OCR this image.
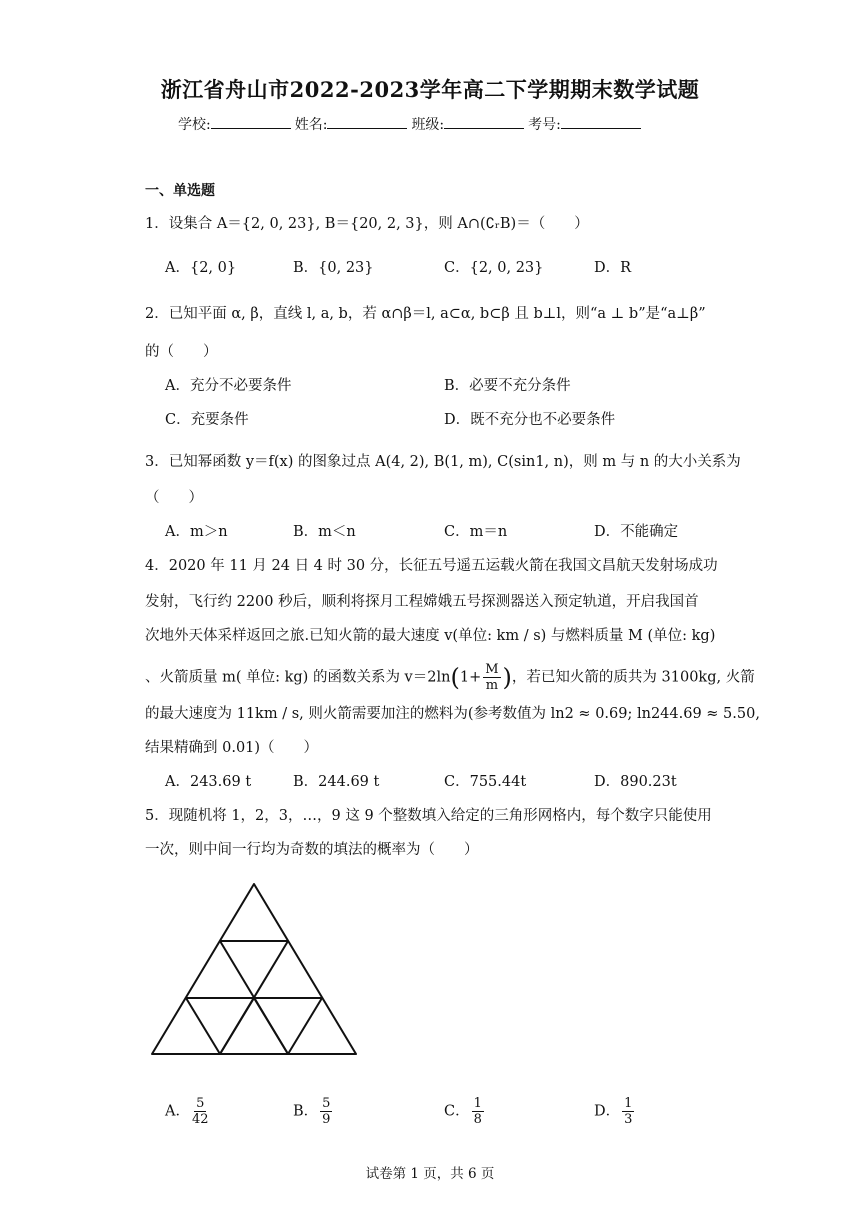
浙江省舟山市2022-2023学年高二下学期期末数学试题
学校:	姓名:	班级:	考号:
一、单选题
1．设集合 A＝{2, 0, 23}, B＝{20, 2, 3}，则 A∩(∁ᵣB)＝（　　）
A．{2, 0}	B．{0, 23}	C．{2, 0, 23}	D．R
2．已知平面 α, β，直线 l, a, b，若 α∩β＝l, a⊂α, b⊂β 且 b⊥l，则“a ⊥ b”是“a⊥β”
的（　　）
A．充分不必要条件	B．必要不充分条件
C．充要条件	D．既不充分也不必要条件
3．已知幂函数 y＝f(x) 的图象过点 A(4, 2), B(1, m), C(sin1, n)，则 m 与 n 的大小关系为
（　　）
A．m＞n	B．m＜n	C．m＝n	D．不能确定
4．2020 年 11 月 24 日 4 时 30 分，长征五号遥五运载火箭在我国文昌航天发射场成功
发射，飞行约 2200 秒后，顺利将探月工程嫦娥五号探测器送入预定轨道，开启我国首
次地外天体采样返回之旅.已知火箭的最大速度 v(单位: km / s) 与燃料质量 M (单位: kg)
、火箭质量 m( 单位: kg) 的函数关系为 $v=2\ln(1+ \frac{M}{m}$ )，若已知火箭的质共为 3100kg, 火箭
的最大速度为 11km / s, 则火箭需要加注的燃料为(参考数值为 ln2 ≈ 0.69; ln244.69 ≈ 5.50,
结果精确到 0.01)（　　）
A．243.69 t	B．244.69 t	C．755.44t	D．890.23t
5．现随机将 1，2，3，…，9 这 9 个整数填入给定的三角形网格内，每个数字只能使用
一次，则中间一行均为奇数的填法的概率为（　　）
A． $\frac{5}{42}$	B． $\frac{5}{9}$	C． $\frac{1}{8}$	D． $\frac{1}{3}$
试卷第 1 页，共 6 页
